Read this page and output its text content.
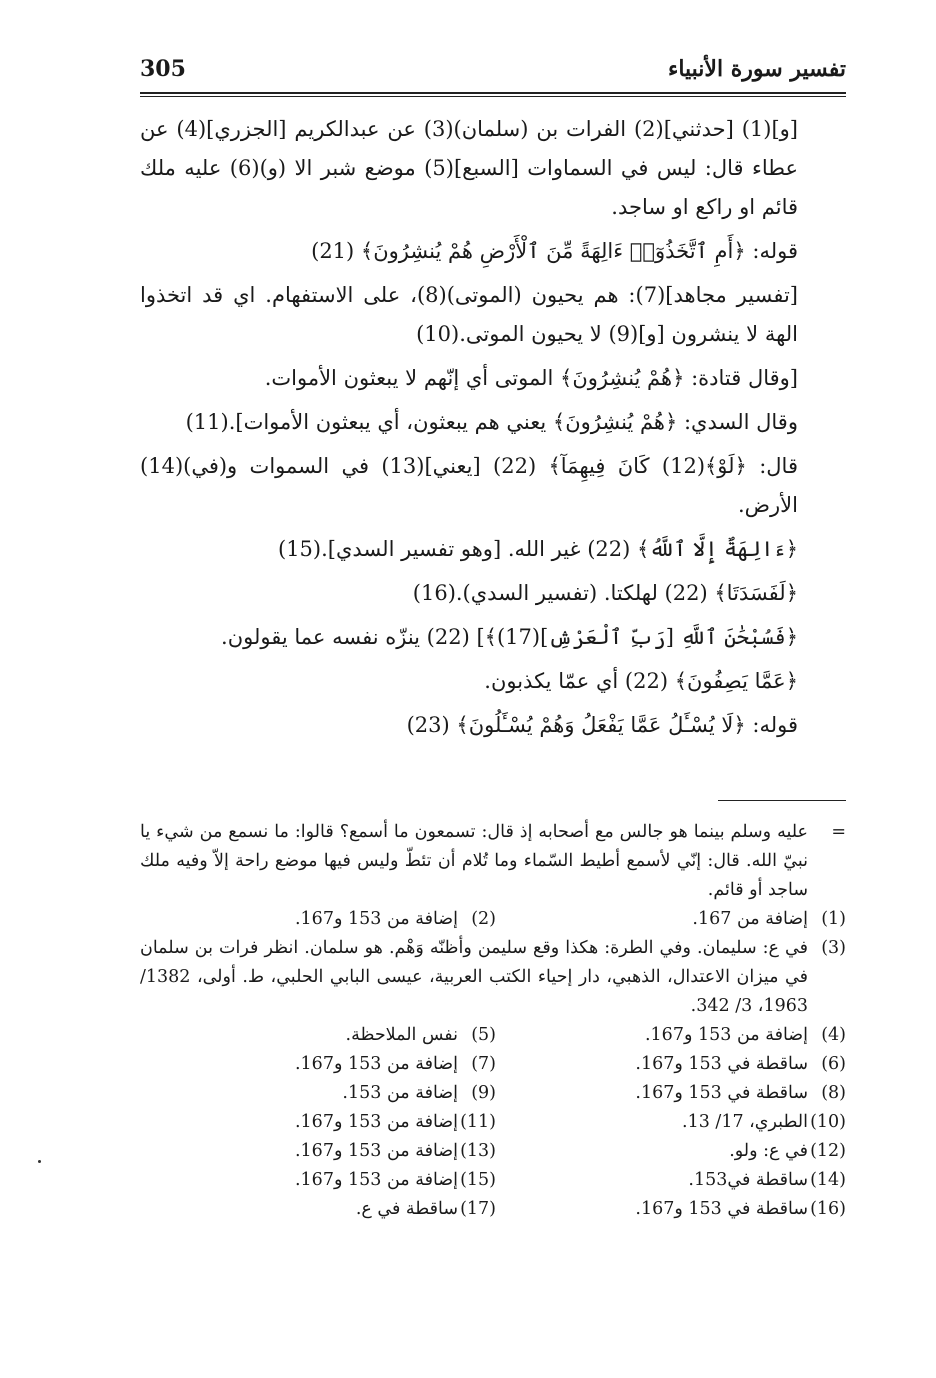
تفسير سورة الأنبياء
305

[و](1) [حدثني](2) الفرات بن (سلمان)(3) عن عبدالكريم [الجزري](4) عن عطاء قال: ليس في السماوات [السبع](5) موضع شبر الا (و)(6) عليه ملك قائم او راكع او ساجد.

قوله: ﴿أَمِ ٱتَّخَذُوٓا۟ ءَالِهَةً مِّنَ ٱلْأَرْضِ هُمْ يُنشِرُونَ﴾ (21)

[تفسير مجاهد](7): هم يحيون (الموتى)(8)، على الاستفهام. اي قد اتخذوا الهة لا ينشرون [و](9) لا يحيون الموتى.(10)

[وقال قتادة: ﴿هُمْ يُنشِرُونَ﴾ الموتى أي إنّهم لا يبعثون الأموات.

وقال السدي: ﴿هُمْ يُنشِرُونَ﴾ يعني هم يبعثون، أي يبعثون الأموات].(11)

قال: ﴿لَوْ﴾(12) كَانَ فِيهِمَآ﴾ (22) [يعني](13) في السموات و(في)(14) الأرض.

﴿ءَالِهَةٌ إِلَّا ٱللَّهُ﴾ (22) غير الله. [وهو تفسير السدي].(15)

﴿لَفَسَدَتَا﴾ (22) لهلكتا. (تفسير السدي).(16)

﴿فَسُبْحَٰنَ ٱللَّهِ [رَبِّ ٱلْعَرْشِ](17)﴾] (22) ينزّه نفسه عما يقولون.

﴿عَمَّا يَصِفُونَ﴾ (22) أي عمّا يكذبون.

قوله: ﴿لَا يُسْـَٔلُ عَمَّا يَفْعَلُ وَهُمْ يُسْـَٔلُونَ﴾ (23)

=
عليه وسلم بينما هو جالس مع أصحابه إذ قال: تسمعون ما أسمع؟ قالوا: ما نسمع من شيء يا نبيّ الله. قال: إنّي لأسمع أطيط السّماء وما تُلام أن تئطّ وليس فيها موضع راحة إلاّ وفيه ملك ساجد أو قائم.
(1)
إضافة من 167.
(2)
إضافة من 153 و167.
(3)
في ع: سليمان. وفي الطرة: هكذا وقع سليمن وأظنّه وَهْم. هو سلمان. انظر فرات بن سلمان في ميزان الاعتدال، الذهبي، دار إحياء الكتب العربية، عيسى البابي الحلبي، ط. أولى، 1382/ 1963، 3/ 342.
(4)
إضافة من 153 و167.
(5)
نفس الملاحظة.
(6)
ساقطة في 153 و167.
(7)
إضافة من 153 و167.
(8)
ساقطة في 153 و167.
(9)
إضافة من 153.
(10)
الطبري، 17/ 13.
(11)
إضافة من 153 و167.
(12)
في ع: ولو.
(13)
إضافة من 153 و167.
(14)
ساقطة في153.
(15)
إضافة من 153 و167.
(16)
ساقطة في 153 و167.
(17)
ساقطة في ع.
